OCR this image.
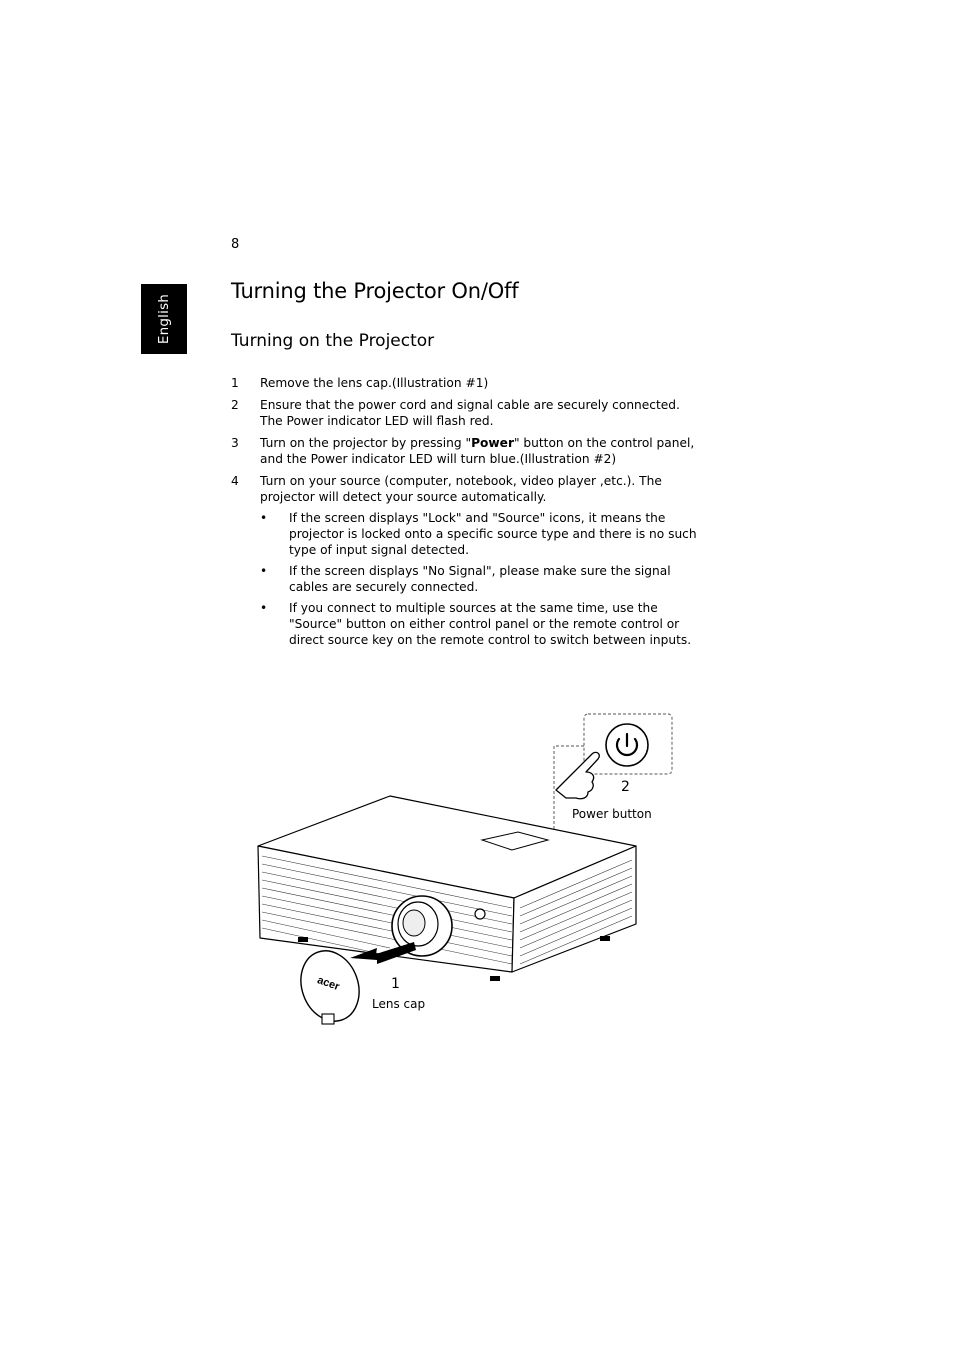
8
English
Turning the Projector On/Off
Turning on the Projector
1 Remove the lens cap.(Illustration #1)
2 Ensure that the power cord and signal cable are securely connected. The Power indicator LED will flash red.
3 Turn on the projector by pressing "Power" button on the control panel, and the Power indicator LED will turn blue.(Illustration #2)
4 Turn on your source (computer, notebook, video player ,etc.). The projector will detect your source automatically.
• If the screen displays "Lock" and "Source" icons, it means the projector is locked onto a specific source type and there is no such type of input signal detected.
• If the screen displays "No Signal", please make sure the signal cables are securely connected.
• If you connect to multiple sources at the same time, use the "Source" button on either control panel or the remote control or direct source key on the remote control to switch between inputs.
acer
2
Power button
1
Lens cap
